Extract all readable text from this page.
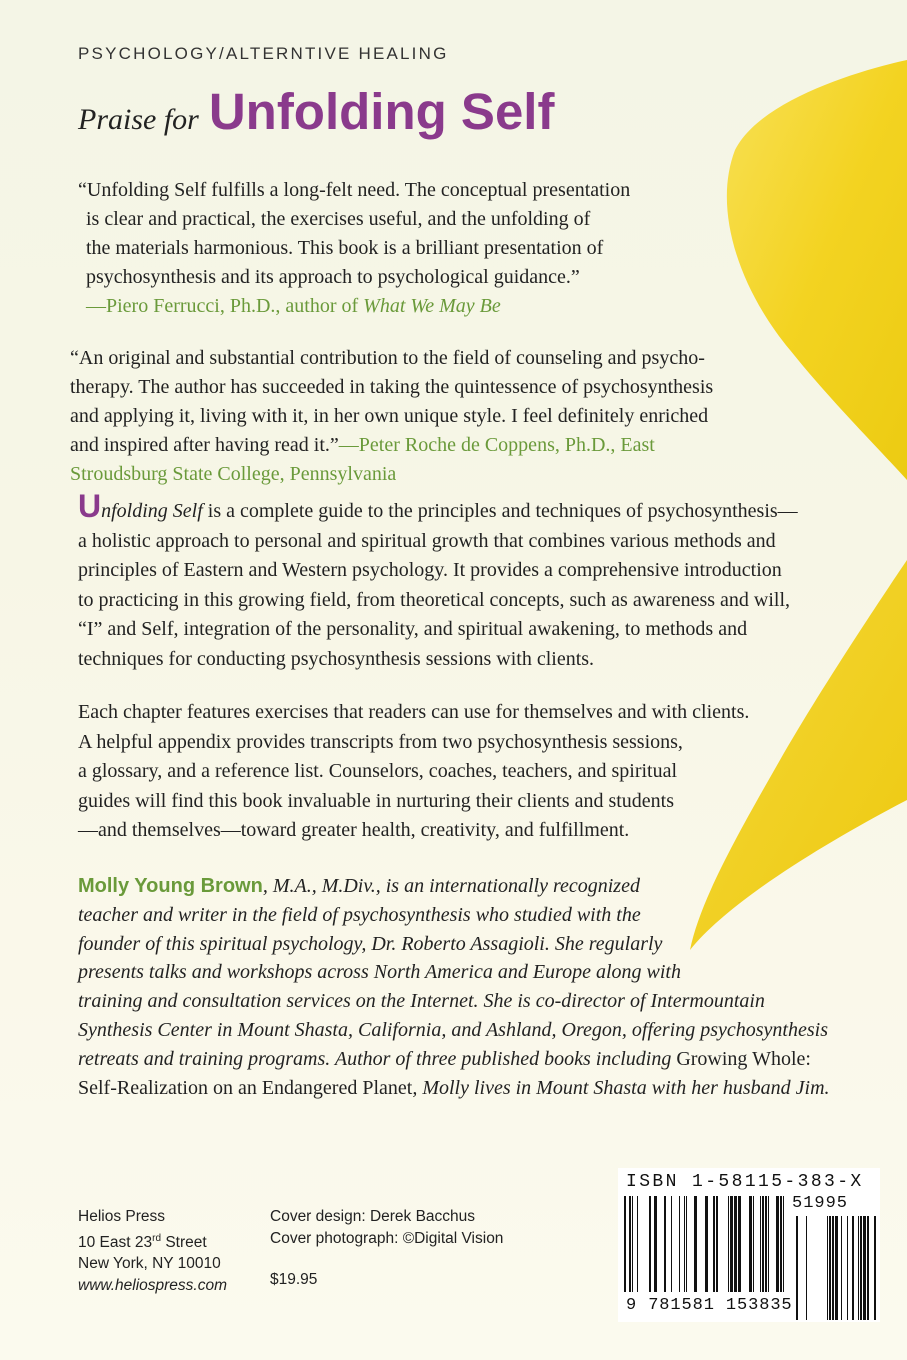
PSYCHOLOGY/ALTERNTIVE HEALING
Praise for Unfolding Self
“Unfolding Self fulfills a long-felt need. The conceptual presentation
is clear and practical, the exercises useful, and the unfolding of
the materials harmonious. This book is a brilliant presentation of
psychosynthesis and its approach to psychological guidance.”
—Piero Ferrucci, Ph.D., author of What We May Be
“An original and substantial contribution to the field of counseling and psycho-
therapy. The author has succeeded in taking the quintessence of psychosynthesis
and applying it, living with it, in her own unique style. I feel definitely enriched
and inspired after having read it.”—Peter Roche de Coppens, Ph.D., East
Stroudsburg State College, Pennsylvania
Unfolding Self is a complete guide to the principles and techniques of psychosynthesis—
a holistic approach to personal and spiritual growth that combines various methods and
principles of Eastern and Western psychology. It provides a comprehensive introduction
to practicing in this growing field, from theoretical concepts, such as awareness and will,
“I” and Self, integration of the personality, and spiritual awakening, to methods and
techniques for conducting psychosynthesis sessions with clients.
Each chapter features exercises that readers can use for themselves and with clients.
A helpful appendix provides transcripts from two psychosynthesis sessions,
a glossary, and a reference list. Counselors, coaches, teachers, and spiritual
guides will find this book invaluable in nurturing their clients and students
—and themselves—toward greater health, creativity, and fulfillment.
Molly Young Brown, M.A., M.Div., is an internationally recognized
teacher and writer in the field of psychosynthesis who studied with the
founder of this spiritual psychology, Dr. Roberto Assagioli. She regularly
presents talks and workshops across North America and Europe along with
training and consultation services on the Internet. She is co-director of Intermountain
Synthesis Center in Mount Shasta, California, and Ashland, Oregon, offering psychosynthesis
retreats and training programs. Author of three published books including Growing Whole:
Self-Realization on an Endangered Planet, Molly lives in Mount Shasta with her husband Jim.
Helios Press
10 East 23rd Street
New York, NY 10010
www.heliospress.com
Cover design: Derek Bacchus
Cover photograph: ©Digital Vision
$19.95
ISBN 1-58115-383-X
51995
9 781581 153835
